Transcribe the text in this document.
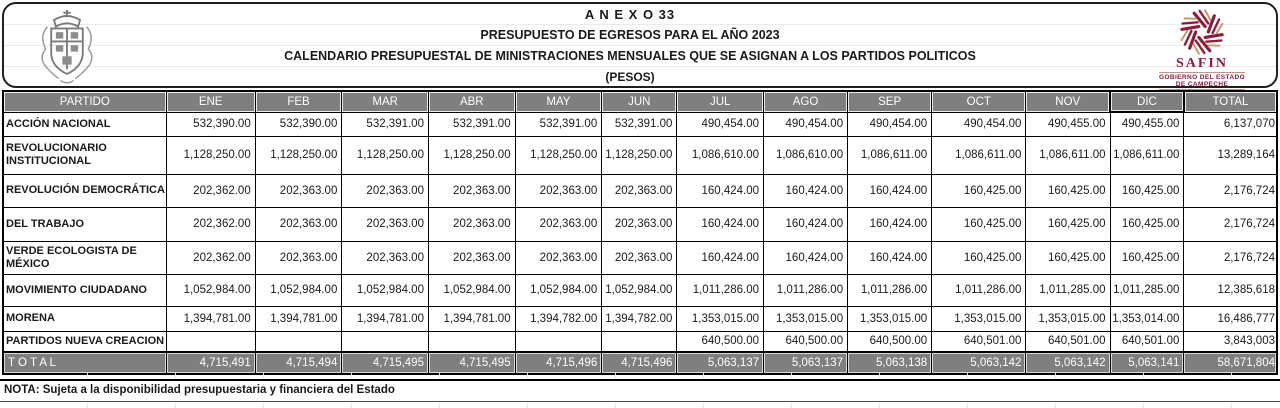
A N E X O 33
PRESUPUESTO DE EGRESOS PARA EL AÑO 2023
CALENDARIO PRESUPUESTAL DE MINISTRACIONES MENSUALES QUE SE ASIGNAN A LOS PARTIDOS POLITICOS
(PESOS)
SAFIN
GOBIERNO DEL ESTADO
DE CAMPECHE
PARTIDO	ENE	FEB	MAR	ABR	MAY	JUN	JUL	AGO	SEP	OCT	NOV	DIC	TOTAL
ACCIÓN NACIONAL	532,390.00	532,390.00	532,391.00	532,391.00	532,391.00	532,391.00	490,454.00	490,454.00	490,454.00	490,454.00	490,455.00	490,455.00	6,137,070
REVOLUCIONARIO INSTITUCIONAL	1,128,250.00	1,128,250.00	1,128,250.00	1,128,250.00	1,128,250.00	1,128,250.00	1,086,610.00	1,086,610.00	1,086,611.00	1,086,611.00	1,086,611.00	1,086,611.00	13,289,164
REVOLUCIÓN DEMOCRÁTICA	202,362.00	202,363.00	202,363.00	202,363.00	202,363.00	202,363.00	160,424.00	160,424.00	160,424.00	160,425.00	160,425.00	160,425.00	2,176,724
DEL TRABAJO	202,362.00	202,363.00	202,363.00	202,363.00	202,363.00	202,363.00	160,424.00	160,424.00	160,424.00	160,425.00	160,425.00	160,425.00	2,176,724
VERDE ECOLOGISTA DE MÉXICO	202,362.00	202,363.00	202,363.00	202,363.00	202,363.00	202,363.00	160,424.00	160,424.00	160,424.00	160,425.00	160,425.00	160,425.00	2,176,724
MOVIMIENTO CIUDADANO	1,052,984.00	1,052,984.00	1,052,984.00	1,052,984.00	1,052,984.00	1,052,984.00	1,011,286.00	1,011,286.00	1,011,286.00	1,011,286.00	1,011,285.00	1,011,285.00	12,385,618
MORENA	1,394,781.00	1,394,781.00	1,394,781.00	1,394,781.00	1,394,782.00	1,394,782.00	1,353,015.00	1,353,015.00	1,353,015.00	1,353,015.00	1,353,015.00	1,353,014.00	16,486,777
PARTIDOS NUEVA CREACION							640,500.00	640,500.00	640,500.00	640,501.00	640,501.00	640,501.00	3,843,003
T O T A L	4,715,491	4,715,494	4,715,495	4,715,495	4,715,496	4,715,496	5,063,137	5,063,137	5,063,138	5,063,142	5,063,142	5,063,141	58,671,804
NOTA: Sujeta a la disponibilidad presupuestaria y financiera del Estado
